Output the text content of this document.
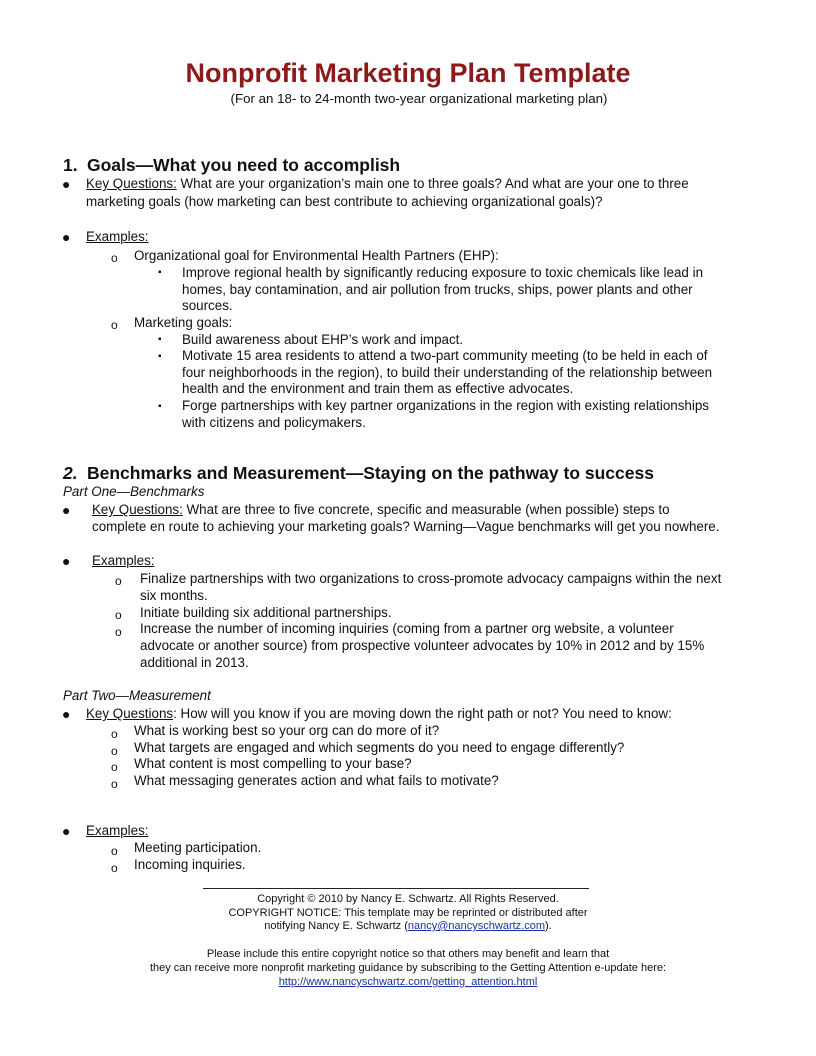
Nonprofit Marketing Plan Template
(For an 18- to 24-month two-year organizational marketing plan)
1. Goals—What you need to accomplish
● Key Questions: What are your organization’s main one to three goals? And what are your one to three
marketing goals (how marketing can best contribute to achieving organizational goals)?
● Examples:
o Organizational goal for Environmental Health Partners (EHP):
▪ Improve regional health by significantly reducing exposure to toxic chemicals like lead in
homes, bay contamination, and air pollution from trucks, ships, power plants and other
sources.
o Marketing goals:
▪ Build awareness about EHP’s work and impact.
▪ Motivate 15 area residents to attend a two-part community meeting (to be held in each of
four neighborhoods in the region), to build their understanding of the relationship between
health and the environment and train them as effective advocates.
▪ Forge partnerships with key partner organizations in the region with existing relationships
with citizens and policymakers.
2. Benchmarks and Measurement—Staying on the pathway to success
Part One—Benchmarks
● Key Questions: What are three to five concrete, specific and measurable (when possible) steps to
complete en route to achieving your marketing goals? Warning—Vague benchmarks will get you nowhere.
● Examples:
o Finalize partnerships with two organizations to cross-promote advocacy campaigns within the next
six months.
o Initiate building six additional partnerships.
o Increase the number of incoming inquiries (coming from a partner org website, a volunteer
advocate or another source) from prospective volunteer advocates by 10% in 2012 and by 15%
additional in 2013.
Part Two—Measurement
● Key Questions: How will you know if you are moving down the right path or not? You need to know:
o What is working best so your org can do more of it?
o What targets are engaged and which segments do you need to engage differently?
o What content is most compelling to your base?
o What messaging generates action and what fails to motivate?
● Examples:
o Meeting participation.
o Incoming inquiries.
Copyright © 2010 by Nancy E. Schwartz. All Rights Reserved.
COPYRIGHT NOTICE: This template may be reprinted or distributed after
notifying Nancy E. Schwartz (nancy@nancyschwartz.com).
Please include this entire copyright notice so that others may benefit and learn that
they can receive more nonprofit marketing guidance by subscribing to the Getting Attention e-update here:
http://www.nancyschwartz.com/getting_attention.html
